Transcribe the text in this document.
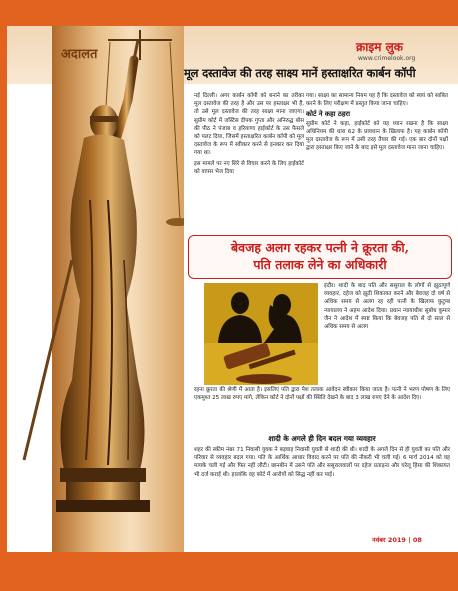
अदालत	क्राइम लुक
www.crimelook.org
मूल दस्तावेज की तरह साक्ष्य मानें हस्ताक्षरित कार्बन कॉपी

नई दिल्ली। अगर कार्बन कॉपी को बनाने का तरीका मूल दस्तावेज की तरह है और उस पर हस्ताक्षर भी हैं, तो उसे मूल दस्तावेज की तरह साक्ष्य माना जाएगा। सुप्रीम कोर्ट में जस्टिस दीपक गुप्ता और अनिरुद्ध बोस की पीठ ने पंजाब व हरियाणा हाईकोर्ट के उस फैसले को पलट दिया, जिसमें हस्ताक्षरित कार्बन कॉपी को मूल दस्तावेज के रूप में स्वीकार करने से इनकार कर दिया गया था।

इस मामले पर नए सिरे से विचार करने के लिए हाईकोर्ट को वापस भेज दिया

गया। साक्ष्य का सामान्य नियम यह है कि दस्तावेज को स्वयं को साबित करने के लिए परीक्षण में प्रस्तुत किया जाना चाहिए।

कोर्ट ने कहा ठहरा

सुप्रीम कोर्ट ने कहा, हाईकोर्ट को यह ध्यान रखना है कि साक्ष्य अधिनियम की धारा 62 के प्रावधान के खिलाफ है। यह कार्बन कॉपी मूल दस्तावेज के रूप में उसी तरह तैयार की गई। एक बार दोनों पक्षों द्वारा हस्ताक्षर किए जाने के बाद इसे मूल दस्तावेज माना जाना चाहिए।

बेवजह अलग रहकर पत्नी ने क्रूरता की,
पति तलाक लेने का अधिकारी

इंदौर। शादी के बाद पति और ससुराल के लोगों से झूठापूर्ण व्यवहार, दहेज को झूठी शिकायत करने और बेवजह दो वर्ष से अधिक समय से अलग रह रही पत्नी के खिलाफ कुटुम्ब न्यायालय ने अहम आदेश दिया। प्रधान न्यायाधीश सुबोध कुमार जैन ने आदेश में स्पष्ट किया कि बेवजह पति से दो साल से अधिक समय से अलग

रहना क्रूरता की श्रेणी में आता है। इसलिए पति द्वारा पेश तलाक आवेदन स्वीकार किया जाता है। पत्नी ने भरण पोषण के लिए एकमुश्त 25 लाख रुपए मांगे, लेकिन कोर्ट ने दोनों पक्षों की स्थिति देखने के बाद 3 लाख रुपए देने के आदेश दिए।

शादी के अगले ही दिन बदल गया व्यवहार

शहर की स्कीम नंबर 71 निवासी युवक ने बड़वाह निवासी युवती से शादी की थी। शादी के अगले दिन से ही युवती का पति और परिवार से व्यवहार बदल गया। पति के आर्थिक आधार विवाद करने पर पति की नौकरी भी चली गई। 6 मार्च 2014 को वह मायके चली गई और फिर नहीं लौटी। छानबीन में उसने पति और ससुरालवालों पर दहेज प्रताड़ना और घरेलू हिंसा की शिकायत भी दर्ज कराई थी। हालांकि वह कोर्ट में आरोपों को सिद्ध नहीं कर पाई।

नवंबर 2019 | 08
